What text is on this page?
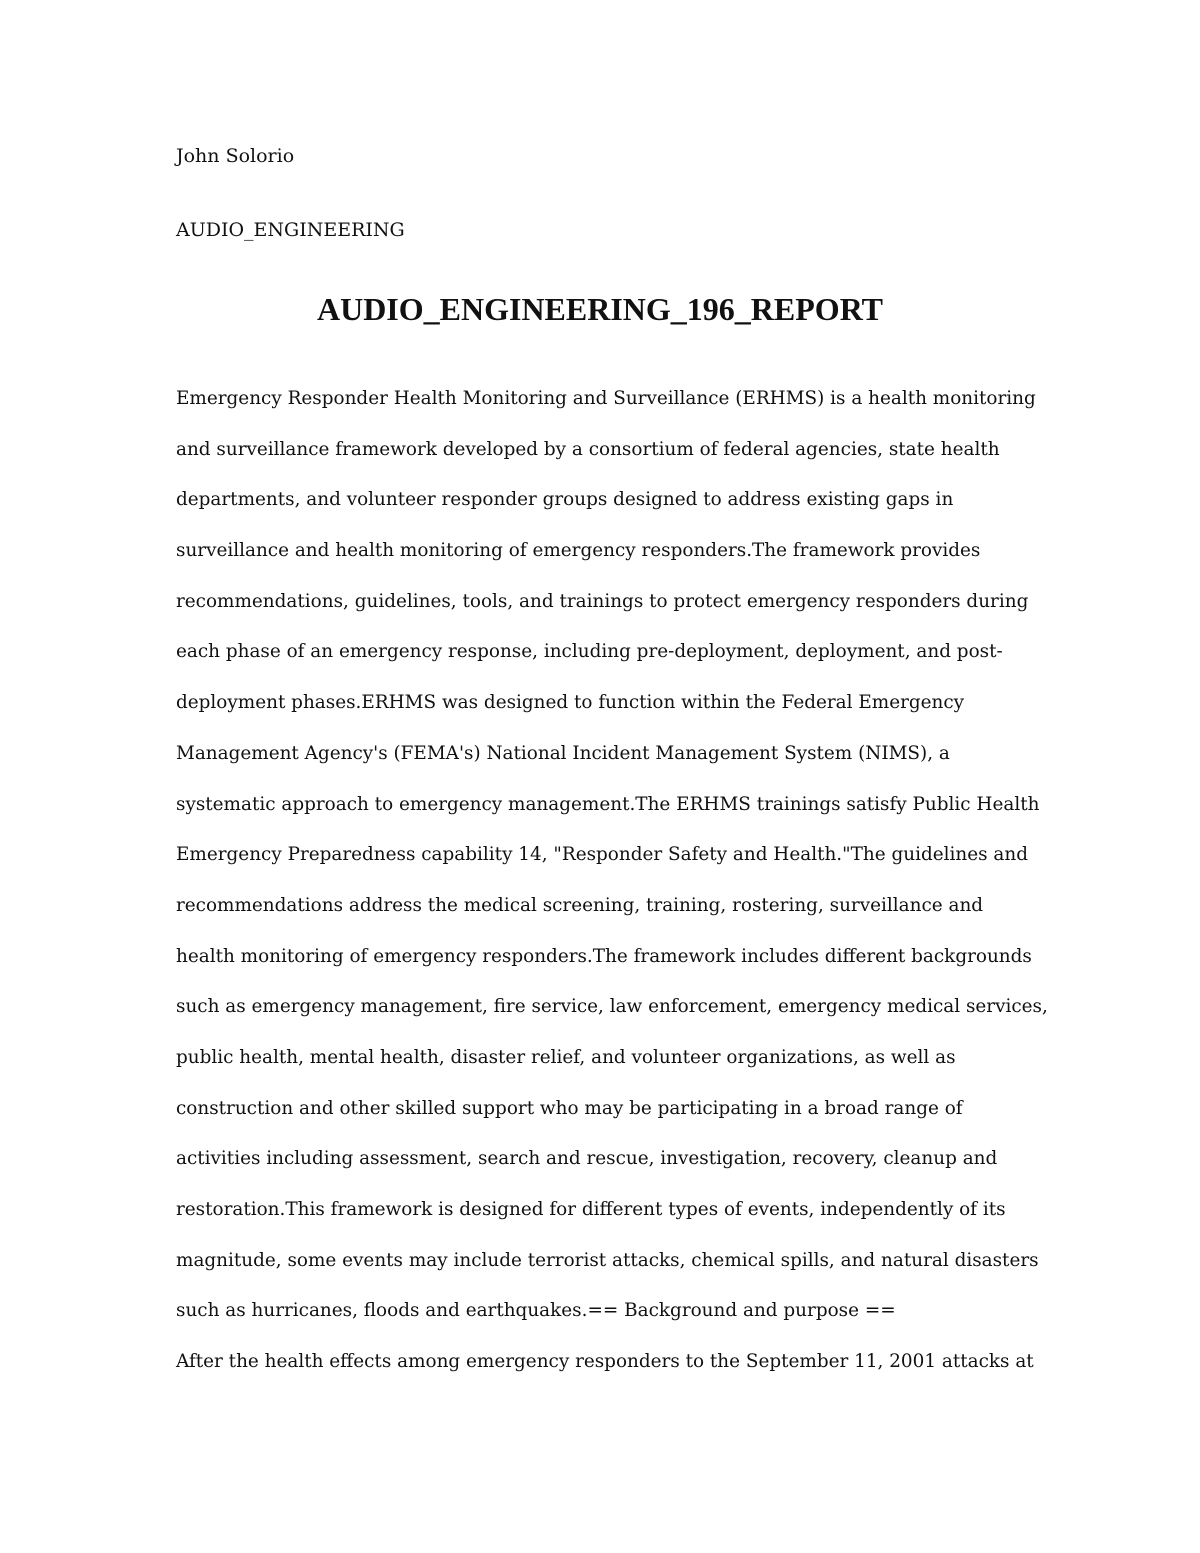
John Solorio
AUDIO_ENGINEERING
AUDIO_ENGINEERING_196_REPORT
Emergency Responder Health Monitoring and Surveillance (ERHMS) is a health monitoring
and surveillance framework developed by a consortium of federal agencies, state health
departments, and volunteer responder groups designed to address existing gaps in
surveillance and health monitoring of emergency responders.The framework provides
recommendations, guidelines, tools, and trainings to protect emergency responders during
each phase of an emergency response, including pre-deployment, deployment, and post-
deployment phases.ERHMS was designed to function within the Federal Emergency
Management Agency's (FEMA's) National Incident Management System (NIMS), a
systematic approach to emergency management.The ERHMS trainings satisfy Public Health
Emergency Preparedness capability 14, "Responder Safety and Health."The guidelines and
recommendations address the medical screening, training, rostering, surveillance and
health monitoring of emergency responders.The framework includes different backgrounds
such as emergency management, fire service, law enforcement, emergency medical services,
public health, mental health, disaster relief, and volunteer organizations, as well as
construction and other skilled support who may be participating in a broad range of
activities including assessment, search and rescue, investigation, recovery, cleanup and
restoration.This framework is designed for different types of events, independently of its
magnitude, some events may include terrorist attacks, chemical spills, and natural disasters
such as hurricanes, floods and earthquakes.== Background and purpose ==
After the health effects among emergency responders to the September 11, 2001 attacks at
